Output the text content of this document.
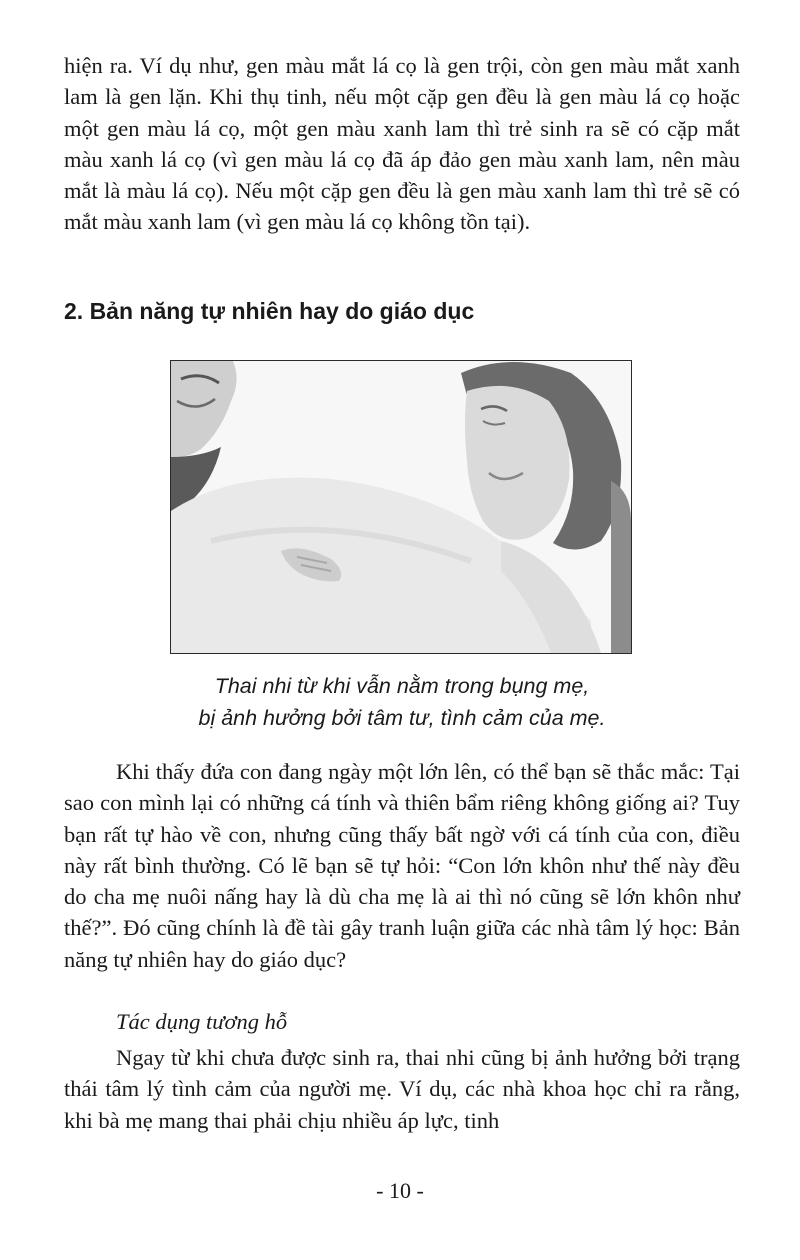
hiện ra. Ví dụ như, gen màu mắt lá cọ là gen trội, còn gen màu mắt xanh lam là gen lặn. Khi thụ tinh, nếu một cặp gen đều là gen màu lá cọ hoặc một gen màu lá cọ, một gen màu xanh lam thì trẻ sinh ra sẽ có cặp mắt màu xanh lá cọ (vì gen màu lá cọ đã áp đảo gen màu xanh lam, nên màu mắt là màu lá cọ). Nếu một cặp gen đều là gen màu xanh lam thì trẻ sẽ có mắt màu xanh lam (vì gen màu lá cọ không tồn tại).

2. Bản năng tự nhiên hay do giáo dục

Thai nhi từ khi vẫn nằm trong bụng mẹ,
bị ảnh hưởng bởi tâm tư, tình cảm của mẹ.

Khi thấy đứa con đang ngày một lớn lên, có thể bạn sẽ thắc mắc: Tại sao con mình lại có những cá tính và thiên bẩm riêng không giống ai? Tuy bạn rất tự hào về con, nhưng cũng thấy bất ngờ với cá tính của con, điều này rất bình thường. Có lẽ bạn sẽ tự hỏi: “Con lớn khôn như thế này đều do cha mẹ nuôi nấng hay là dù cha mẹ là ai thì nó cũng sẽ lớn khôn như thế?”. Đó cũng chính là đề tài gây tranh luận giữa các nhà tâm lý học: Bản năng tự nhiên hay do giáo dục?

Tác dụng tương hỗ

Ngay từ khi chưa được sinh ra, thai nhi cũng bị ảnh hưởng bởi trạng thái tâm lý tình cảm của người mẹ. Ví dụ, các nhà khoa học chỉ ra rằng, khi bà mẹ mang thai phải chịu nhiều áp lực, tinh

- 10 -
